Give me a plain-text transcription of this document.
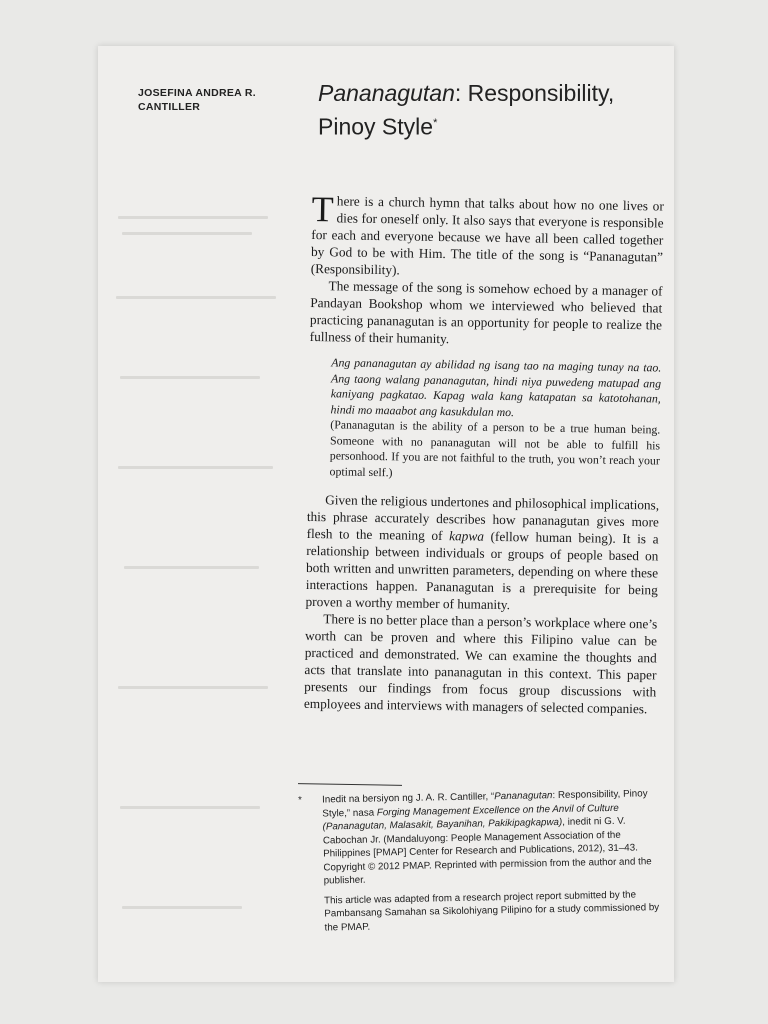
JOSEFINA ANDREA R.
CANTILLER
Pananagutan: Responsibility,
Pinoy Style*

There is a church hymn that talks about how no one lives or dies for oneself only. It also says that everyone is responsible for each and everyone because we have all been called together by God to be with Him. The title of the song is “Pananagutan” (Responsibility).

The message of the song is somehow echoed by a manager of Pandayan Bookshop whom we interviewed who believed that practicing pananagutan is an opportunity for people to realize the fullness of their humanity.

Ang pananagutan ay abilidad ng isang tao na maging tunay na tao. Ang taong walang pananagutan, hindi niya puwedeng matupad ang kaniyang pagkatao. Kapag wala kang katapatan sa katotohanan, hindi mo maaabot ang kasukdulan mo.
(Pananagutan is the ability of a person to be a true human being. Someone with no pananagutan will not be able to fulfill his personhood. If you are not faithful to the truth, you won’t reach your optimal self.)

Given the religious undertones and philosophical implications, this phrase accurately describes how pananagutan gives more flesh to the meaning of kapwa (fellow human being). It is a relationship between individuals or groups of people based on both written and unwritten parameters, depending on where these interactions happen. Pananagutan is a prerequisite for being proven a worthy member of humanity.

There is no better place than a person’s workplace where one’s worth can be proven and where this Filipino value can be practiced and demonstrated. We can examine the thoughts and acts that translate into pananagutan in this context. This paper presents our findings from focus group discussions with employees and interviews with managers of selected companies.

* Inedit na bersiyon ng J. A. R. Cantiller, “Pananagutan: Responsibility, Pinoy Style,” nasa Forging Management Excellence on the Anvil of Culture (Pananagutan, Malasakit, Bayanihan, Pakikipagkapwa), inedit ni G. V. Cabochan Jr. (Mandaluyong: People Management Association of the Philippines [PMAP] Center for Research and Publications, 2012), 31–43. Copyright © 2012 PMAP. Reprinted with permission from the author and the publisher.
This article was adapted from a research project report submitted by the Pambansang Samahan sa Sikolohiyang Pilipino for a study commissioned by the PMAP.
